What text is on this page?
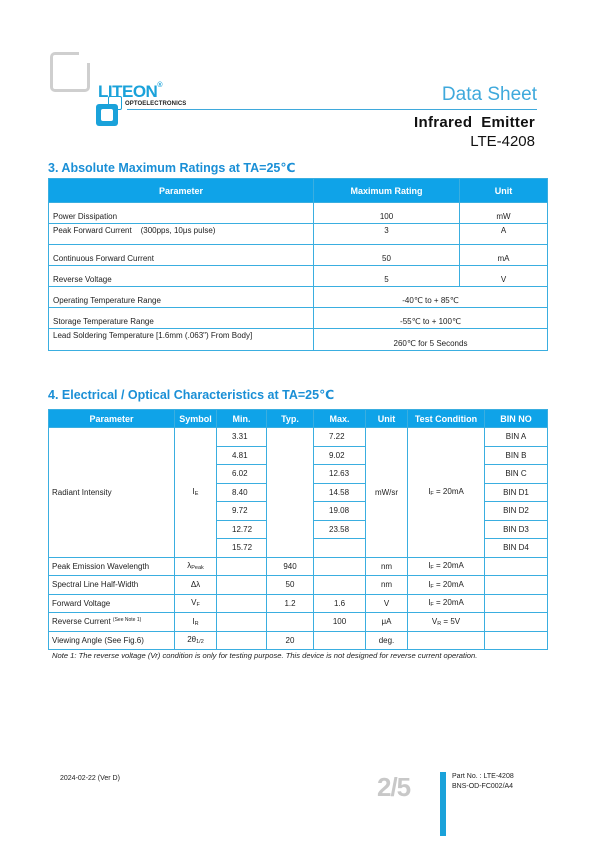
LITEON®
OPTOELECTRONICS	Data Sheet
Infrared  Emitter
LTE-4208
3. Absolute Maximum Ratings at TA=25℃
Parameter	Maximum Rating	Unit
Power Dissipation	100	mW
Peak Forward Current    (300pps, 10μs pulse)	3	A
Continuous Forward Current	50	mA
Reverse Voltage	5	V
Operating Temperature Range	-40℃ to + 85℃	
Storage Temperature Range	-55℃ to + 100℃	
Lead Soldering Temperature [1.6mm (.063") From Body]	260℃ for 5 Seconds	
4. Electrical / Optical Characteristics at TA=25℃
Parameter	Symbol	Min.	Typ.	Max.	Unit	Test Condition	BIN NO
Radiant Intensity	IE	3.31		7.22	mW/sr	IF = 20mA	BIN A
		4.81		9.02			BIN B
		6.02		12.63			BIN C
		8.40		14.58			BIN D1
		9.72		19.08			BIN D2
		12.72		23.58			BIN D3
		15.72					BIN D4
Peak Emission Wavelength	λPeak		940		nm	IF = 20mA	
Spectral Line Half-Width	Δλ		50		nm	IF = 20mA	
Forward Voltage	VF		1.2	1.6	V	IF = 20mA	
Reverse Current $^{(See Note 1)}$	IR			100	μA	VR = 5V	
Viewing Angle (See Fig.6)	2θ1/2		20		deg.		
Note 1: The reverse voltage (Vr) condition is only for testing purpose. This device is not designed for reverse current operation.
2024-02-22 (Ver D)	2/5	Part No. : LTE-4208
BNS-OD-FC002/A4
